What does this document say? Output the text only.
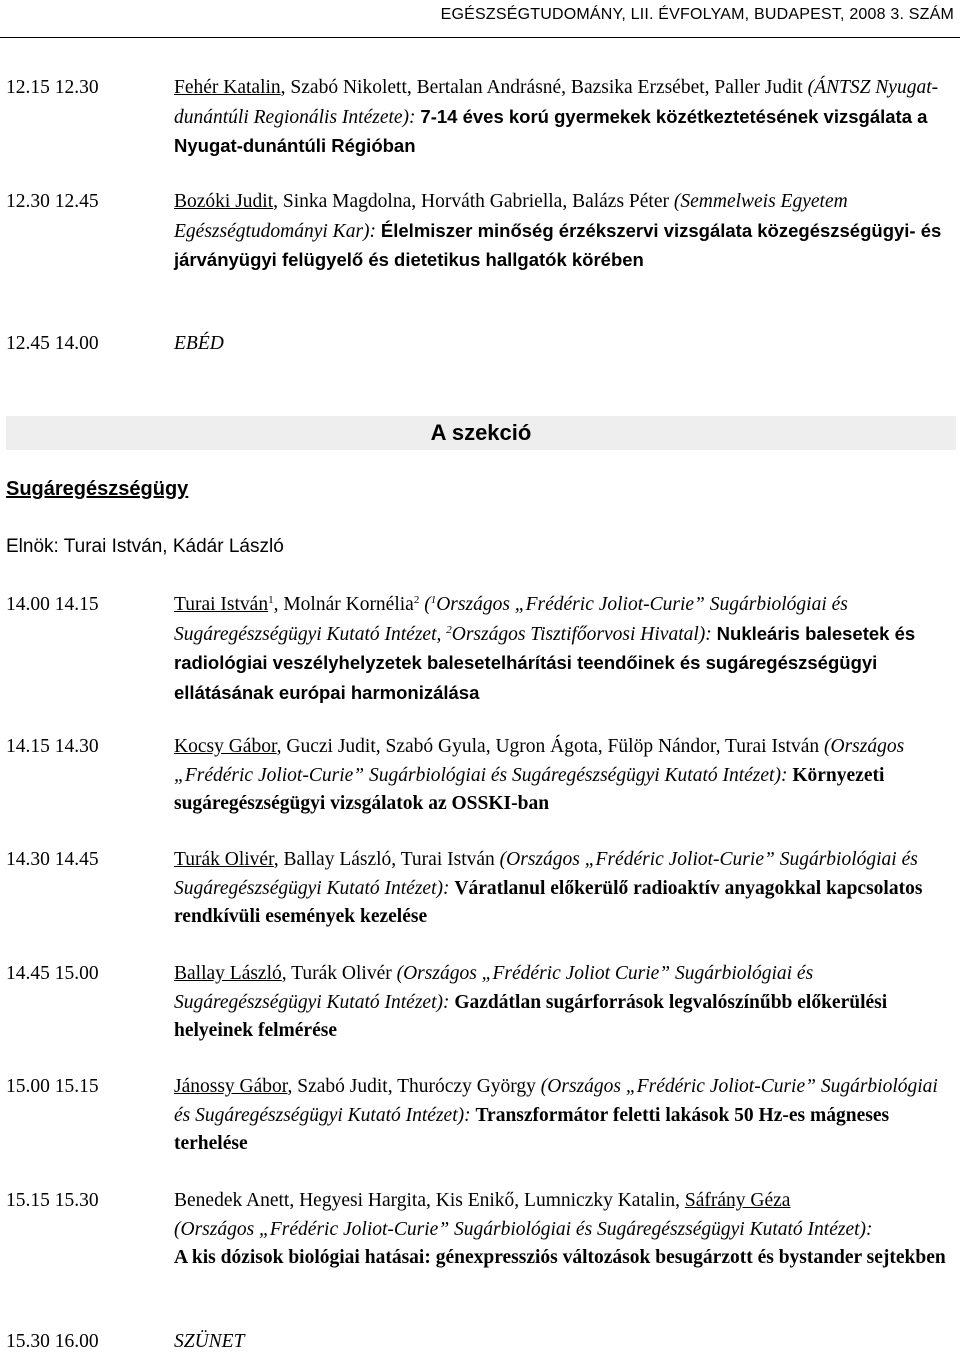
EGÉSZSÉGTUDOMÁNY, LII. ÉVFOLYAM, BUDAPEST, 2008 3. SZÁM
12.15 12.30	Fehér Katalin, Szabó Nikolett, Bertalan Andrásné, Bazsika Erzsébet, Paller Judit (ÁNTSZ Nyugat-dunántúli Regionális Intézete): 7-14 éves korú gyermekek közétkeztetésének vizsgálata a Nyugat-dunántúli Régióban
12.30 12.45	Bozóki Judit, Sinka Magdolna, Horváth Gabriella, Balázs Péter (Semmelweis Egyetem Egészségtudományi Kar): Élelmiszer minőség érzékszervi vizsgálata közegészségügyi- és járványügyi felügyelő és dietetikus hallgatók körében
12.45 14.00	EBÉD
A szekció
Sugáregészségügy
Elnök: Turai István, Kádár László
14.00 14.15	Turai István$^1$, Molnár Kornélia$^2$ ($^1$Országos „Frédéric Joliot-Curie” Sugárbiológiai és Sugáregészségügyi Kutató Intézet, $^2$Országos Tisztifőorvosi Hivatal): Nukleáris balesetek és radiológiai veszélyhelyzetek balesetelhárítási teendőinek és sugáregészségügyi ellátásának európai harmonizálása
14.15 14.30	Kocsy Gábor, Guczi Judit, Szabó Gyula, Ugron Ágota, Fülöp Nándor, Turai István (Országos „Frédéric Joliot-Curie” Sugárbiológiai és Sugáregészségügyi Kutató Intézet): Környezeti sugáregészségügyi vizsgálatok az OSSKI-ban
14.30 14.45	Turák Olivér, Ballay László, Turai István (Országos „Frédéric Joliot-Curie” Sugárbiológiai és Sugáregészségügyi Kutató Intézet): Váratlanul előkerülő radioaktív anyagokkal kapcsolatos rendkívüli események kezelése
14.45 15.00	Ballay László, Turák Olivér (Országos „Frédéric Joliot Curie” Sugárbiológiai és Sugáregészségügyi Kutató Intézet): Gazdátlan sugárforrások legvalószínűbb előkerülési helyeinek felmérése
15.00 15.15	Jánossy Gábor, Szabó Judit, Thuróczy György (Országos „Frédéric Joliot-Curie” Sugárbiológiai és Sugáregészségügyi Kutató Intézet): Transzformátor feletti lakások 50 Hz-es mágneses terhelése
15.15 15.30	Benedek Anett, Hegyesi Hargita, Kis Enikő, Lumniczky Katalin, Sáfrány Géza
(Országos „Frédéric Joliot-Curie” Sugárbiológiai és Sugáregészségügyi Kutató Intézet):
A kis dózisok biológiai hatásai: génexpressziós változások besugárzott és bystander sejtekben
15.30 16.00	SZÜNET
